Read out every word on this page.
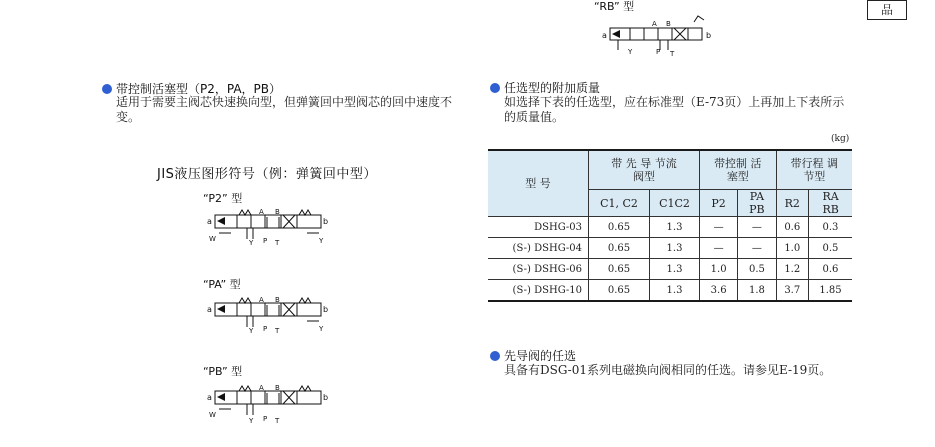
品
“RB” 型
a	b
A B
Y	P T
带控制活塞型（P2，PA，PB）
适用于需要主阀芯快速换向型，但弹簧回中型阀芯的回中速度不变。
JIS液压图形符号（例：弹簧回中型）
“P2” 型
a	b
A B
W	Y P T	Y
“PA” 型
a	b
A B
Y P T	Y
“PB” 型
a	b
A B
W
Y P T
任选型的附加质量
如选择下表的任选型，应在标准型（E-73页）上再加上下表所示的质量值。
(kg)
型 号	带 先 导 节流阀型		带控制 活塞型		带行程 调节型	
	C1, C2	C1C2	P2	PA PB	R2	RA RB
DSHG-03	0.65	1.3	—	—	0.6	0.3
(S-) DSHG-04	0.65	1.3	—	—	1.0	0.5
(S-) DSHG-06	0.65	1.3	1.0	0.5	1.2	0.6
(S-) DSHG-10	0.65	1.3	3.6	1.8	3.7	1.85
先导阀的任选
具备有DSG-01系列电磁换向阀相同的任选。请参见E-19页。
